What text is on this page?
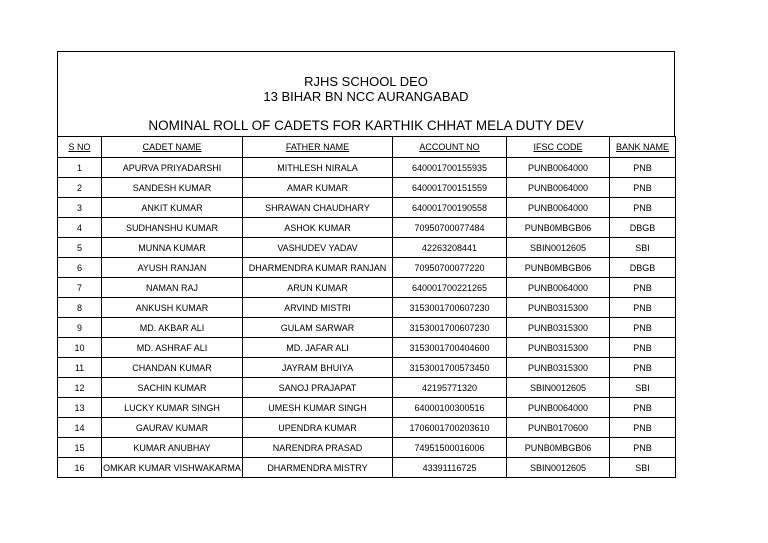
RJHS SCHOOL DEO
13 BIHAR BN NCC AURANGABAD
NOMINAL ROLL OF CADETS FOR KARTHIK CHHAT MELA DUTY DEV
S NO	CADET NAME	FATHER NAME	ACCOUNT NO	IFSC CODE	BANK NAME
1	APURVA PRIYADARSHI	MITHLESH NIRALA	640001700155935	PUNB0064000	PNB
2	SANDESH KUMAR	AMAR KUMAR	640001700151559	PUNB0064000	PNB
3	ANKIT KUMAR	SHRAWAN CHAUDHARY	640001700190558	PUNB0064000	PNB
4	SUDHANSHU KUMAR	ASHOK KUMAR	70950700077484	PUNB0MBGB06	DBGB
5	MUNNA KUMAR	VASHUDEV YADAV	42263208441	SBIN0012605	SBI
6	AYUSH RANJAN	DHARMENDRA KUMAR RANJAN	70950700077220	PUNB0MBGB06	DBGB
7	NAMAN RAJ	ARUN KUMAR	640001700221265	PUNB0064000	PNB
8	ANKUSH KUMAR	ARVIND MISTRI	3153001700607230	PUNB0315300	PNB
9	MD. AKBAR ALI	GULAM SARWAR	3153001700607230	PUNB0315300	PNB
10	MD. ASHRAF ALI	MD. JAFAR ALI	3153001700404600	PUNB0315300	PNB
11	CHANDAN KUMAR	JAYRAM BHUIYA	3153001700573450	PUNB0315300	PNB
12	SACHIN KUMAR	SANOJ PRAJAPAT	42195771320	SBIN0012605	SBI
13	LUCKY KUMAR SINGH	UMESH KUMAR SINGH	64000100300516	PUNB0064000	PNB
14	GAURAV KUMAR	UPENDRA KUMAR	1706001700203610	PUNB0170600	PNB
15	KUMAR ANUBHAY	NARENDRA PRASAD	74951500016006	PUNB0MBGB06	PNB
16	OMKAR KUMAR VISHWAKARMA	DHARMENDRA MISTRY	43391116725	SBIN0012605	SBI
